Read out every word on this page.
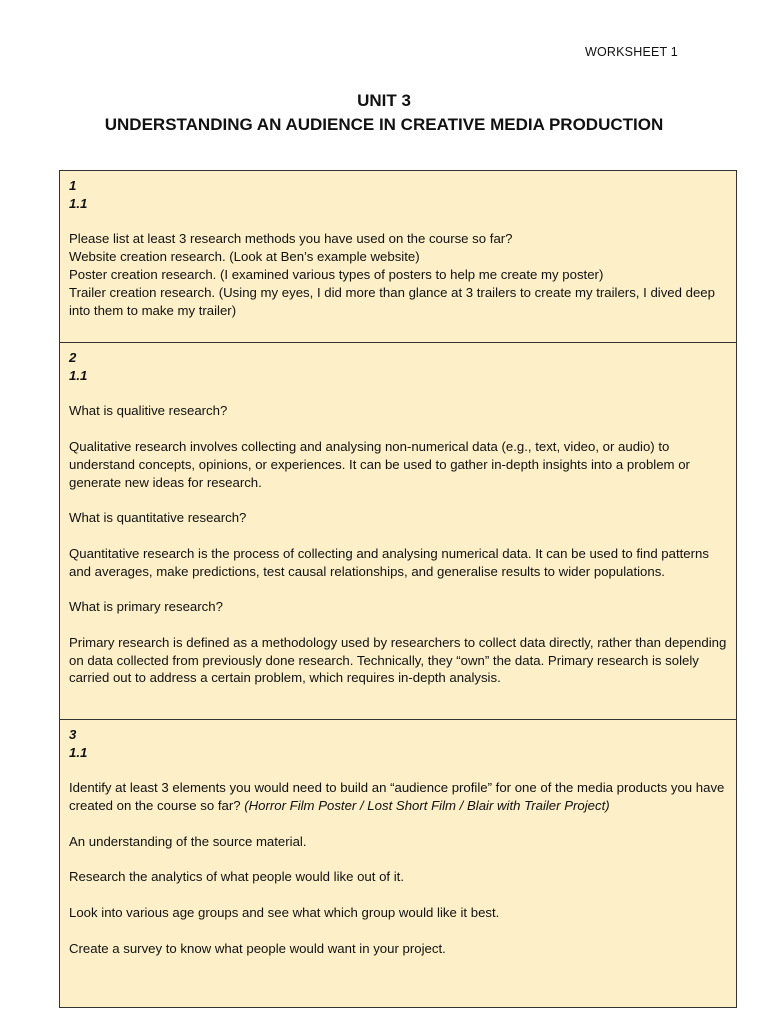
WORKSHEET 1
UNIT 3
UNDERSTANDING AN AUDIENCE IN CREATIVE MEDIA PRODUCTION
1
1.1
Please list at least 3 research methods you have used on the course so far?
Website creation research. (Look at Ben’s example website)
Poster creation research. (I examined various types of posters to help me create my poster)
Trailer creation research. (Using my eyes, I did more than glance at 3 trailers to create my trailers, I dived deep into them to make my trailer)
2
1.1
What is qualitive research?
Qualitative research involves collecting and analysing non-numerical data (e.g., text, video, or audio) to understand concepts, opinions, or experiences. It can be used to gather in-depth insights into a problem or generate new ideas for research.
What is quantitative research?
Quantitative research is the process of collecting and analysing numerical data. It can be used to find patterns and averages, make predictions, test causal relationships, and generalise results to wider populations.
What is primary research?
Primary research is defined as a methodology used by researchers to collect data directly, rather than depending on data collected from previously done research. Technically, they “own” the data. Primary research is solely carried out to address a certain problem, which requires in-depth analysis.
3
1.1
Identify at least 3 elements you would need to build an “audience profile” for one of the media products you have created on the course so far? (Horror Film Poster / Lost Short Film / Blair with Trailer Project)
An understanding of the source material.
Research the analytics of what people would like out of it.
Look into various age groups and see what which group would like it best.
Create a survey to know what people would want in your project.
